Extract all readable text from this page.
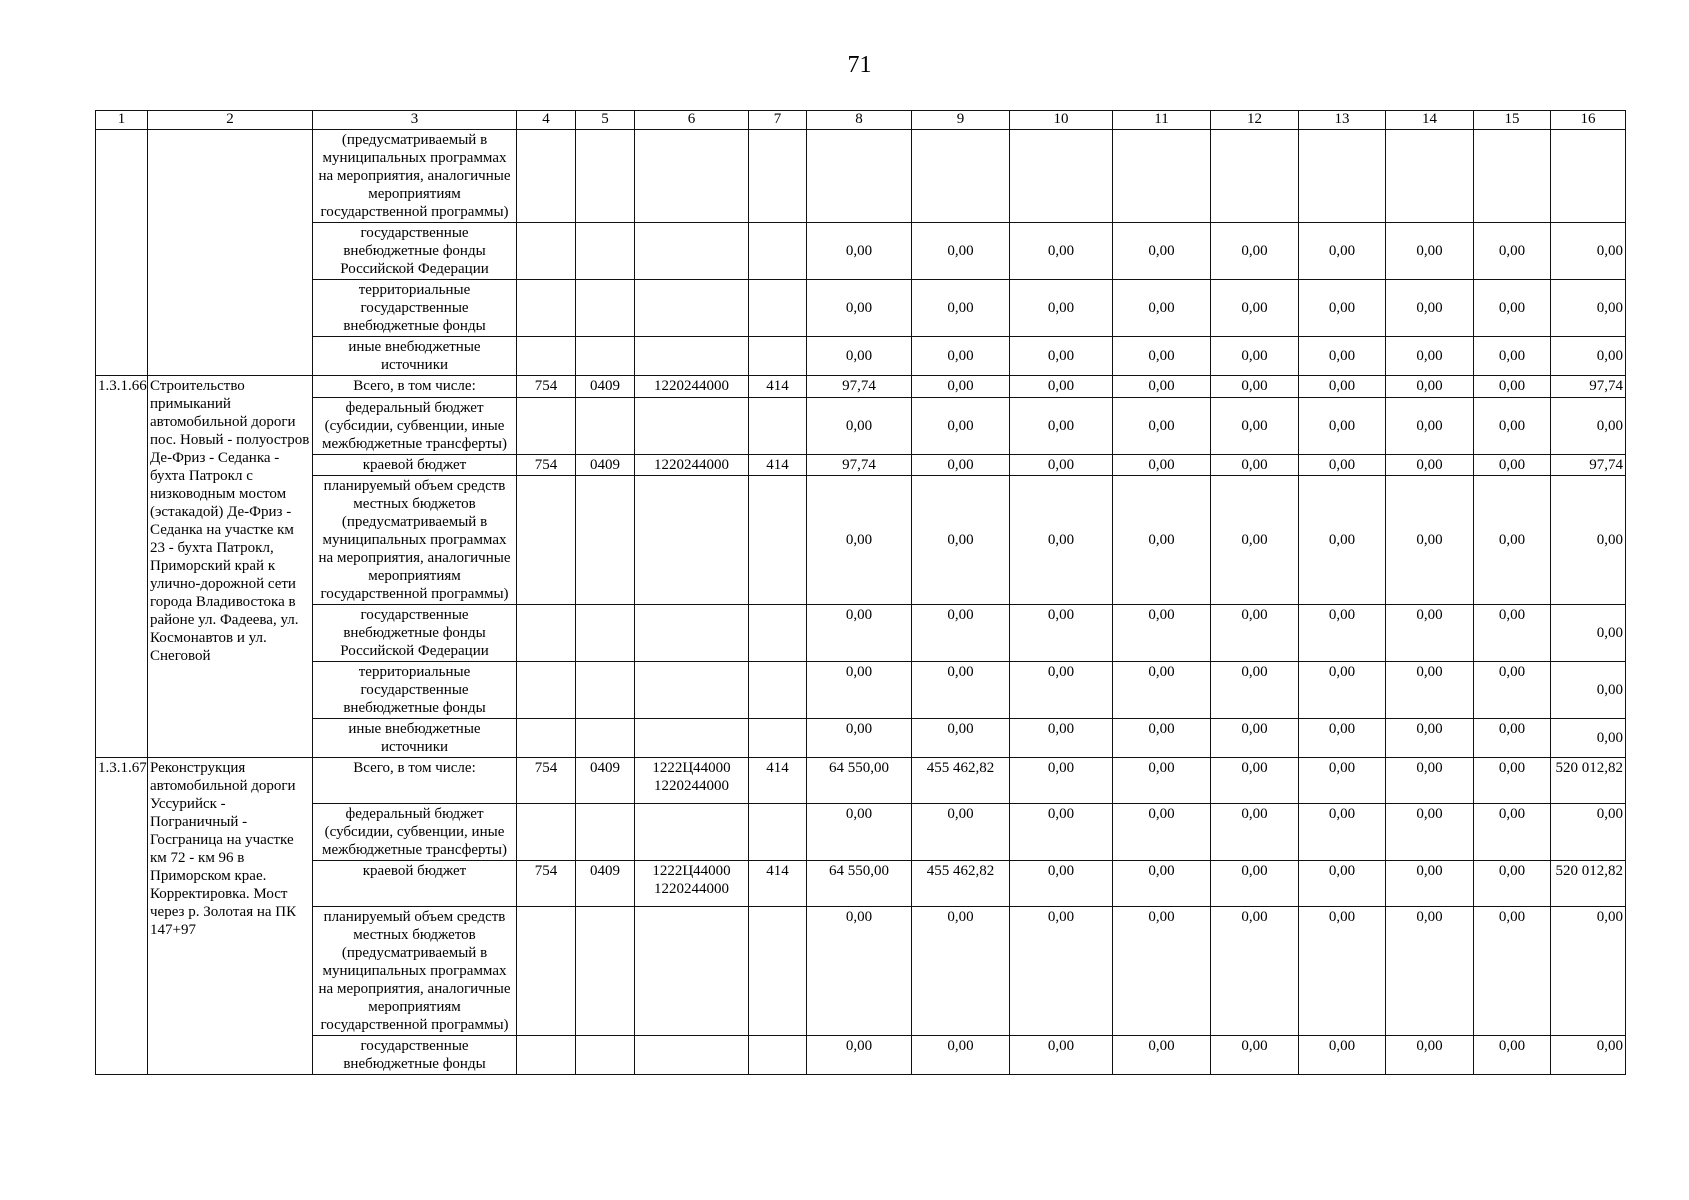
71
1	2	3	4	5	6	7	8	9	10	11	12	13	14	15	16
		(предусматриваемый в муниципальных программах на мероприятия, аналогичные мероприятиям государственной программы)													
		государственные внебюджетные фонды Российской Федерации					0,00	0,00	0,00	0,00	0,00	0,00	0,00	0,00	0,00
		территориальные государственные внебюджетные фонды					0,00	0,00	0,00	0,00	0,00	0,00	0,00	0,00	0,00
		иные внебюджетные источники					0,00	0,00	0,00	0,00	0,00	0,00	0,00	0,00	0,00
1.3.1.66	Строительство примыканий автомобильной дороги пос. Новый - полуостров Де-Фриз - Седанка - бухта Патрокл с низководным мостом (эстакадой) Де-Фриз - Седанка на участке км 23 - бухта Патрокл, Приморский край к улично-дорожной сети города Владивостока в районе ул. Фадеева, ул. Космонавтов и ул. Снеговой	Всего, в том числе:	754	0409	1220244000	414	97,74	0,00	0,00	0,00	0,00	0,00	0,00	0,00	97,74
		федеральный бюджет (субсидии, субвенции, иные межбюджетные трансферты)					0,00	0,00	0,00	0,00	0,00	0,00	0,00	0,00	0,00
		краевой бюджет	754	0409	1220244000	414	97,74	0,00	0,00	0,00	0,00	0,00	0,00	0,00	97,74
		планируемый объем средств местных бюджетов (предусматриваемый в муниципальных программах на мероприятия, аналогичные мероприятиям государственной программы)					0,00	0,00	0,00	0,00	0,00	0,00	0,00	0,00	0,00
		государственные внебюджетные фонды Российской Федерации					0,00	0,00	0,00	0,00	0,00	0,00	0,00	0,00	0,00
		территориальные государственные внебюджетные фонды					0,00	0,00	0,00	0,00	0,00	0,00	0,00	0,00	0,00
		иные внебюджетные источники					0,00	0,00	0,00	0,00	0,00	0,00	0,00	0,00	0,00
1.3.1.67	Реконструкция автомобильной дороги Уссурийск - Пограничный - Госграница на участке км 72 - км 96 в Приморском крае. Корректировка. Мост через р. Золотая на ПК 147+97	Всего, в том числе:	754	0409	1222Ц44000 1220244000	414	64 550,00	455 462,82	0,00	0,00	0,00	0,00	0,00	0,00	520 012,82
		федеральный бюджет (субсидии, субвенции, иные межбюджетные трансферты)					0,00	0,00	0,00	0,00	0,00	0,00	0,00	0,00	0,00
		краевой бюджет	754	0409	1222Ц44000 1220244000	414	64 550,00	455 462,82	0,00	0,00	0,00	0,00	0,00	0,00	520 012,82
		планируемый объем средств местных бюджетов (предусматриваемый в муниципальных программах на мероприятия, аналогичные мероприятиям государственной программы)					0,00	0,00	0,00	0,00	0,00	0,00	0,00	0,00	0,00
		государственные внебюджетные фонды					0,00	0,00	0,00	0,00	0,00	0,00	0,00	0,00	0,00
